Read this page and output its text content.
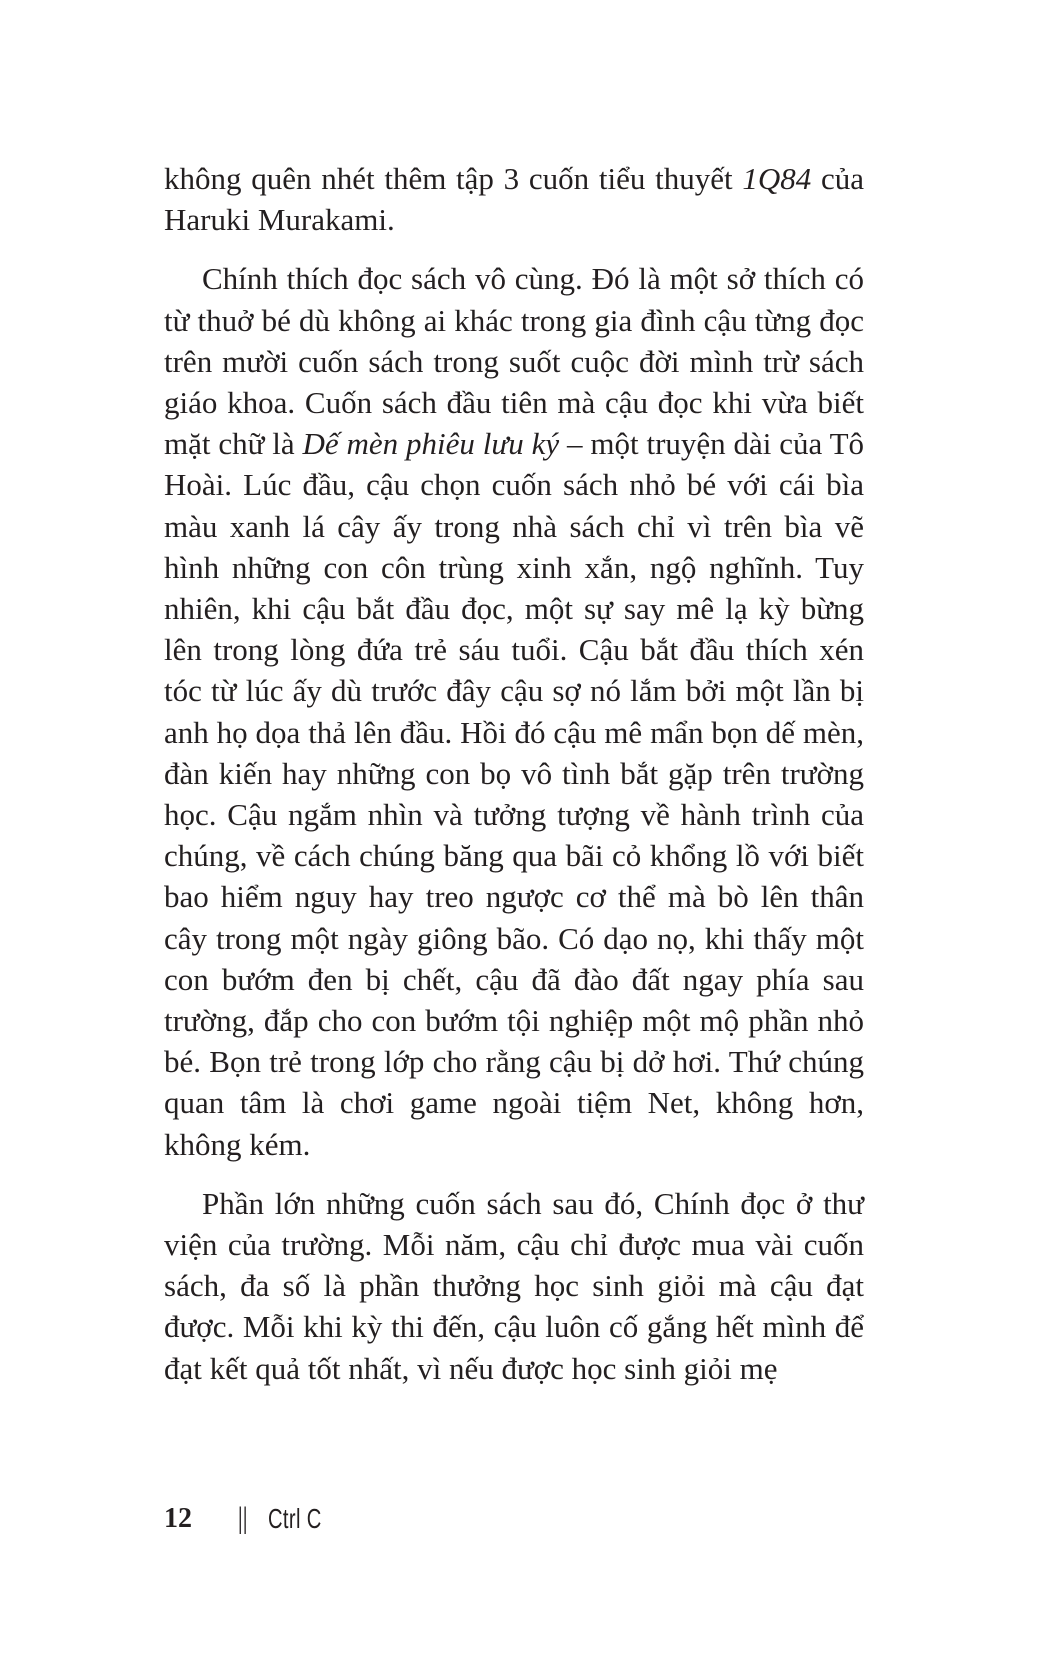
không quên nhét thêm tập 3 cuốn tiểu thuyết 1Q84 của Haruki Murakami.

Chính thích đọc sách vô cùng. Đó là một sở thích có từ thuở bé dù không ai khác trong gia đình cậu từng đọc trên mười cuốn sách trong suốt cuộc đời mình trừ sách giáo khoa. Cuốn sách đầu tiên mà cậu đọc khi vừa biết mặt chữ là Dế mèn phiêu lưu ký – một truyện dài của Tô Hoài. Lúc đầu, cậu chọn cuốn sách nhỏ bé với cái bìa màu xanh lá cây ấy trong nhà sách chỉ vì trên bìa vẽ hình những con côn trùng xinh xắn, ngộ nghĩnh. Tuy nhiên, khi cậu bắt đầu đọc, một sự say mê lạ kỳ bừng lên trong lòng đứa trẻ sáu tuổi. Cậu bắt đầu thích xén tóc từ lúc ấy dù trước đây cậu sợ nó lắm bởi một lần bị anh họ dọa thả lên đầu. Hồi đó cậu mê mẩn bọn dế mèn, đàn kiến hay những con bọ vô tình bắt gặp trên trường học. Cậu ngắm nhìn và tưởng tượng về hành trình của chúng, về cách chúng băng qua bãi cỏ khổng lồ với biết bao hiểm nguy hay treo ngược cơ thể mà bò lên thân cây trong một ngày giông bão. Có dạo nọ, khi thấy một con bướm đen bị chết, cậu đã đào đất ngay phía sau trường, đắp cho con bướm tội nghiệp một mộ phần nhỏ bé. Bọn trẻ trong lớp cho rằng cậu bị dở hơi. Thứ chúng quan tâm là chơi game ngoài tiệm Net, không hơn, không kém.

Phần lớn những cuốn sách sau đó, Chính đọc ở thư viện của trường. Mỗi năm, cậu chỉ được mua vài cuốn sách, đa số là phần thưởng học sinh giỏi mà cậu đạt được. Mỗi khi kỳ thi đến, cậu luôn cố gắng hết mình để đạt kết quả tốt nhất, vì nếu được học sinh giỏi mẹ

12	|| Ctrl C
